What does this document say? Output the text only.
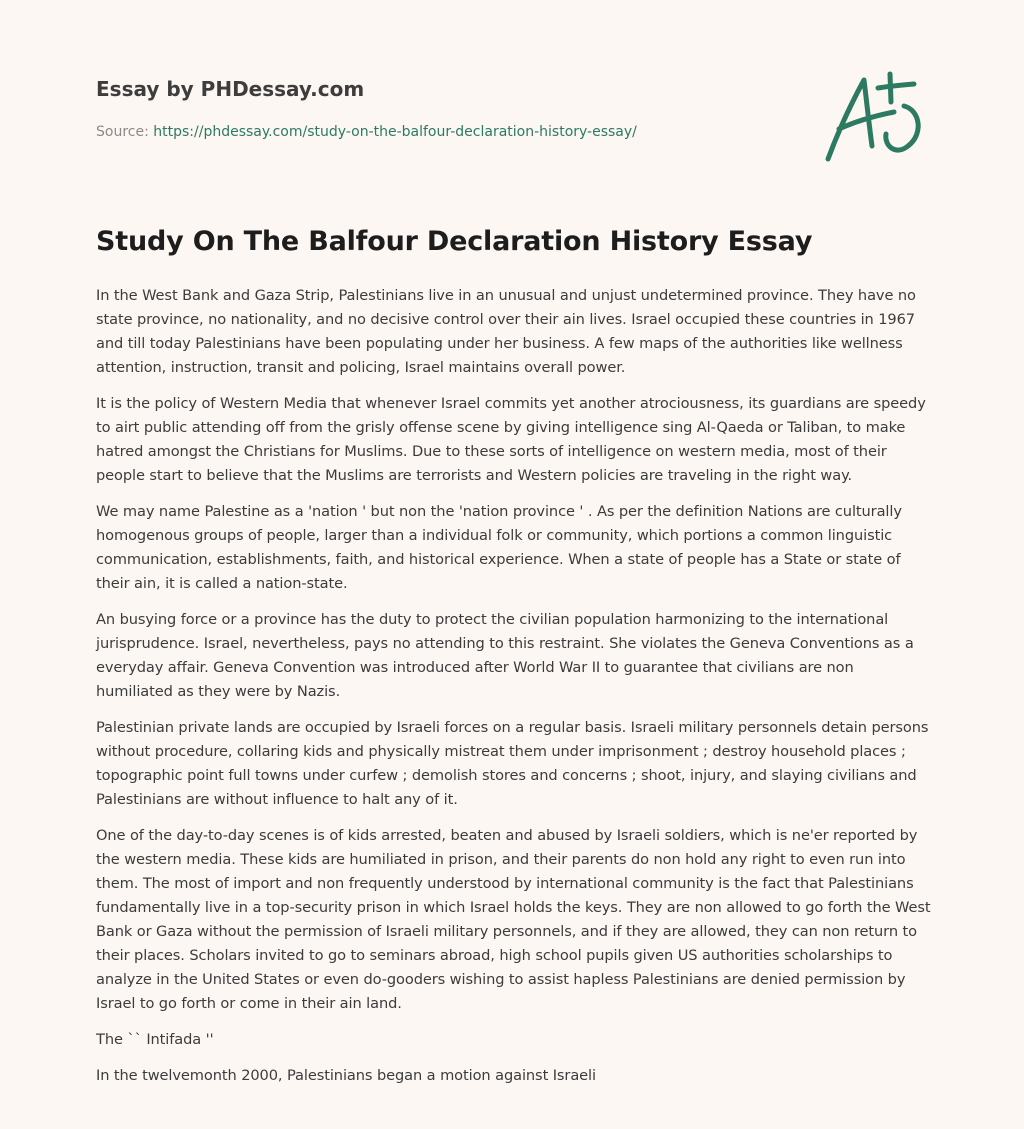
Essay by PHDessay.com
Source: https://phdessay.com/study-on-the-balfour-declaration-history-essay/
Study On The Balfour Declaration History Essay

In the West Bank and Gaza Strip, Palestinians live in an unusual and unjust undetermined province. They have no state province, no nationality, and no decisive control over their ain lives. Israel occupied these countries in 1967 and till today Palestinians have been populating under her business. A few maps of the authorities like wellness attention, instruction, transit and policing, Israel maintains overall power.

It is the policy of Western Media that whenever Israel commits yet another atrociousness, its guardians are speedy to airt public attending off from the grisly offense scene by giving intelligence sing Al-Qaeda or Taliban, to make hatred amongst the Christians for Muslims. Due to these sorts of intelligence on western media, most of their people start to believe that the Muslims are terrorists and Western policies are traveling in the right way.

We may name Palestine as a 'nation ' but non the 'nation province ' . As per the definition Nations are culturally homogenous groups of people, larger than a individual folk or community, which portions a common linguistic communication, establishments, faith, and historical experience. When a state of people has a State or state of their ain, it is called a nation-state.

An busying force or a province has the duty to protect the civilian population harmonizing to the international jurisprudence. Israel, nevertheless, pays no attending to this restraint. She violates the Geneva Conventions as a everyday affair. Geneva Convention was introduced after World War II to guarantee that civilians are non humiliated as they were by Nazis.

Palestinian private lands are occupied by Israeli forces on a regular basis. Israeli military personnels detain persons without procedure, collaring kids and physically mistreat them under imprisonment ; destroy household places ; topographic point full towns under curfew ; demolish stores and concerns ; shoot, injury, and slaying civilians and Palestinians are without influence to halt any of it.

One of the day-to-day scenes is of kids arrested, beaten and abused by Israeli soldiers, which is ne'er reported by the western media. These kids are humiliated in prison, and their parents do non hold any right to even run into them. The most of import and non frequently understood by international community is the fact that Palestinians fundamentally live in a top-security prison in which Israel holds the keys. They are non allowed to go forth the West Bank or Gaza without the permission of Israeli military personnels, and if they are allowed, they can non return to their places. Scholars invited to go to seminars abroad, high school pupils given US authorities scholarships to analyze in the United States or even do-gooders wishing to assist hapless Palestinians are denied permission by Israel to go forth or come in their ain land.

The `` Intifada ''

In the twelvemonth 2000, Palestinians began a motion against Israeli
